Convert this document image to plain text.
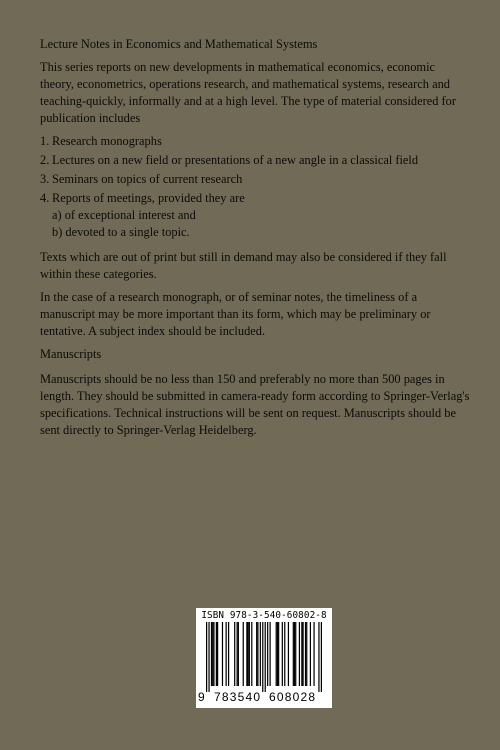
Lecture Notes in Economics and Mathematical Systems

This series reports on new developments in mathematical economics, economic theory, econometrics, operations research, and mathematical systems, research and teaching-quickly, informally and at a high level. The type of material considered for publication includes

1. Research monographs
2. Lectures on a new field or presentations of a new angle in a classical field
3. Seminars on topics of current research
4. Reports of meetings, provided they are
a) of exceptional interest and
b) devoted to a single topic.

Texts which are out of print but still in demand may also be considered if they fall within these categories.

In the case of a research monograph, or of seminar notes, the timeliness of a manuscript may be more important than its form, which may be preliminary or tentative. A subject index should be included.

Manuscripts

Manuscripts should be no less than 150 and preferably no more than 500 pages in length. They should be submitted in camera-ready form according to Springer-Verlag's specifications. Technical instructions will be sent on request. Manuscripts should be sent directly to Springer-Verlag Heidelberg.

ISBN 978-3-540-60802-8
9 783540 608028
